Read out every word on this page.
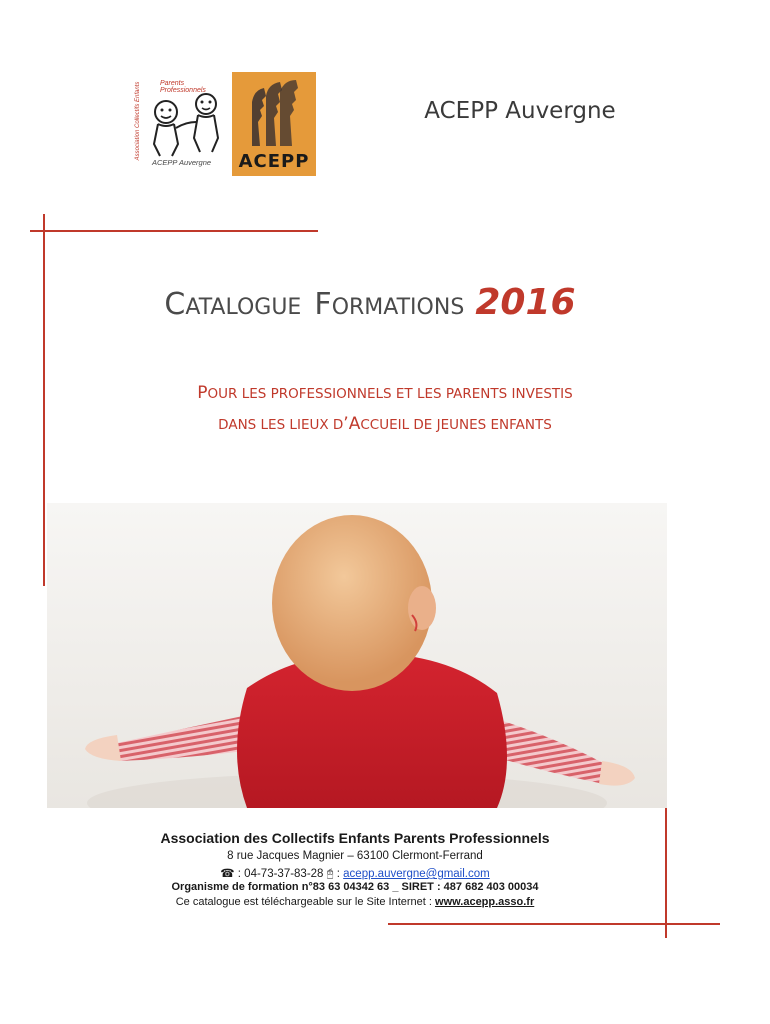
Parents Professionnels
ACEPP Auvergne
Association Collectifs Enfants
ACEPP
ACEPP Auvergne
CATALOGUE FORMATIONS 2016
POUR LES PROFESSIONNELS ET LES PARENTS INVESTIS
DANS LES LIEUX D’ACCUEIL DE JEUNES ENFANTS
Association des Collectifs Enfants Parents Professionnels
8 rue Jacques Magnier – 63100 Clermont-Ferrand
☎ : 04-73-37-83-28 🖰 : acepp.auvergne@gmail.com
Organisme de formation n°83 63 04342 63 _ SIRET : 487 682 403 00034
Ce catalogue est téléchargeable sur le Site Internet : www.acepp.asso.fr
